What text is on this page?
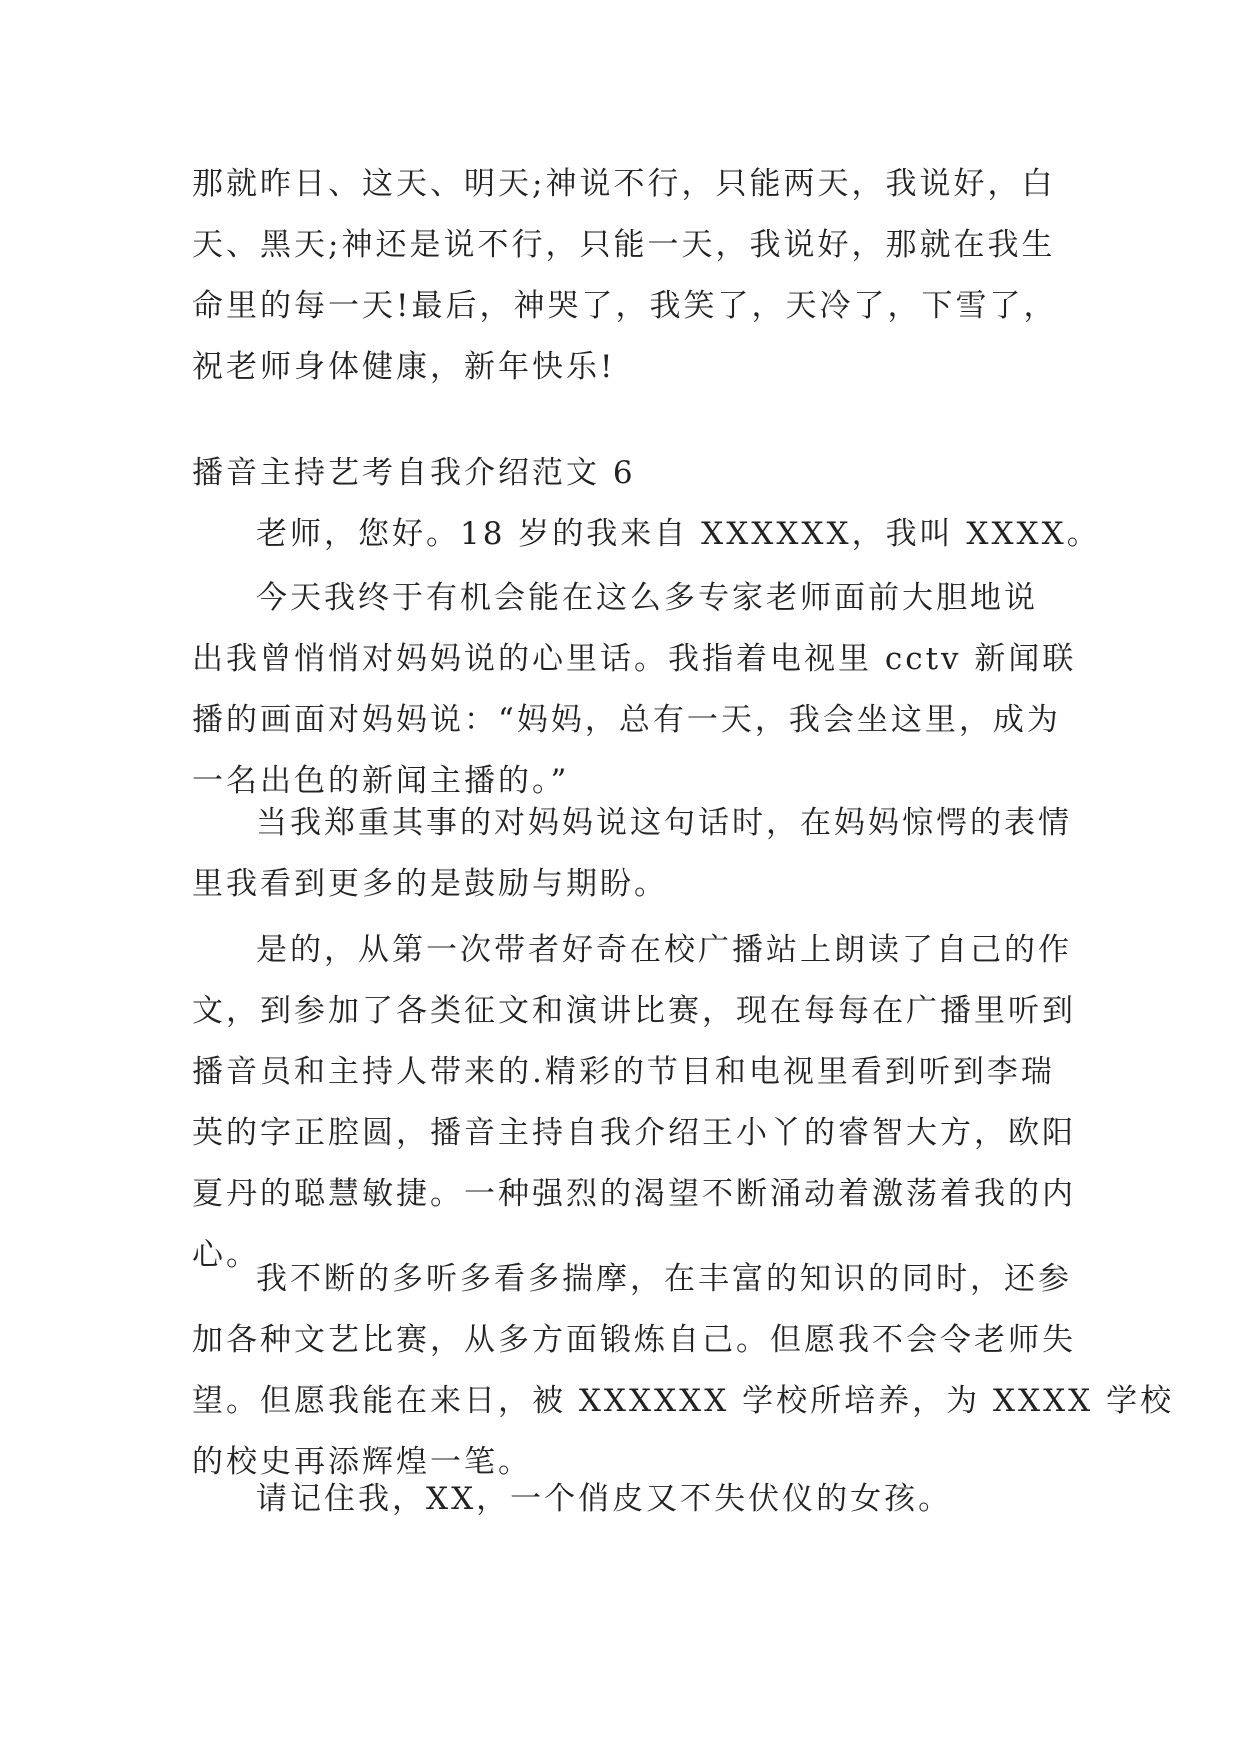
那就昨日、这天、明天;神说不行，只能两天，我说好，白
天、黑天;神还是说不行，只能一天，我说好，那就在我生
命里的每一天!最后，神哭了，我笑了，天冷了，下雪了，
祝老师身体健康，新年快乐!
播音主持艺考自我介绍范文 6
老师，您好。18 岁的我来自 XXXXXX，我叫 XXXX。
今天我终于有机会能在这么多专家老师面前大胆地说
出我曾悄悄对妈妈说的心里话。我指着电视里 cctv 新闻联
播的画面对妈妈说：“妈妈，总有一天，我会坐这里，成为
一名出色的新闻主播的。”
当我郑重其事的对妈妈说这句话时，在妈妈惊愕的表情
里我看到更多的是鼓励与期盼。
是的，从第一次带者好奇在校广播站上朗读了自己的作
文，到参加了各类征文和演讲比赛，现在每每在广播里听到
播音员和主持人带来的.精彩的节目和电视里看到听到李瑞
英的字正腔圆，播音主持自我介绍王小丫的睿智大方，欧阳
夏丹的聪慧敏捷。一种强烈的渴望不断涌动着激荡着我的内
心。
我不断的多听多看多揣摩，在丰富的知识的同时，还参
加各种文艺比赛，从多方面锻炼自己。但愿我不会令老师失
望。但愿我能在来日，被 XXXXXX 学校所培养，为 XXXX 学校
的校史再添辉煌一笔。
请记住我，XX，一个俏皮又不失伏仪的女孩。
